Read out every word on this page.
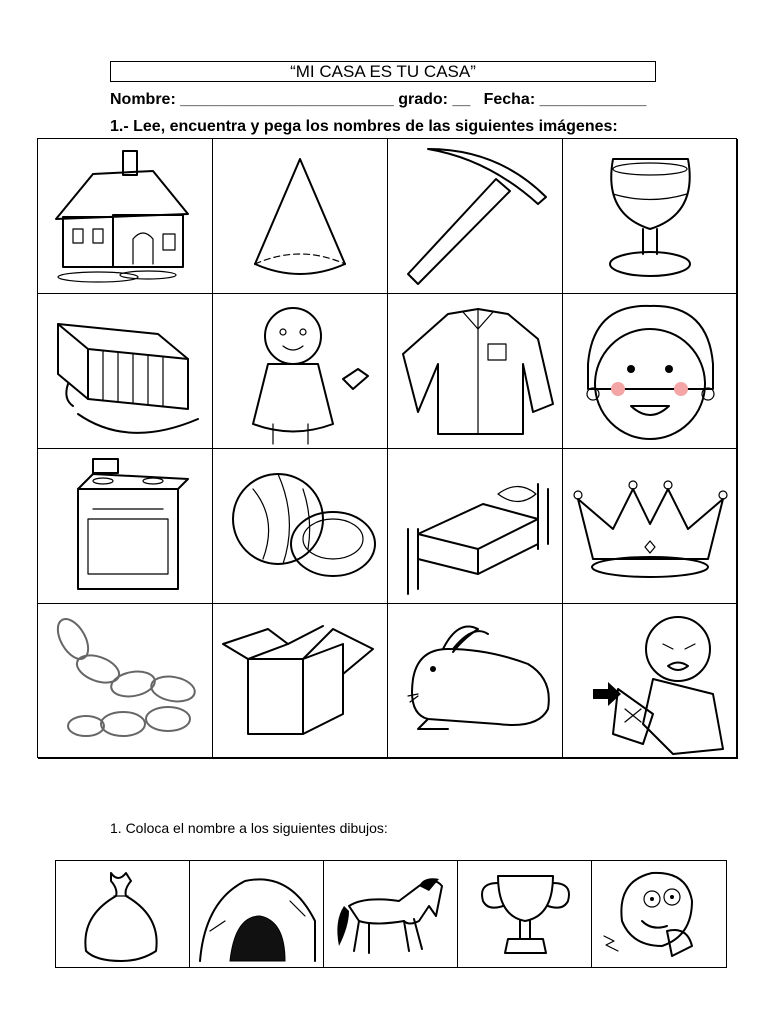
“MI CASA ES TU CASA”
Nombre: ________________________ grado: __   Fecha: ____________
1.- Lee, encuentra y pega los nombres de las siguientes imágenes:
1. Coloca el nombre a los siguientes dibujos:
